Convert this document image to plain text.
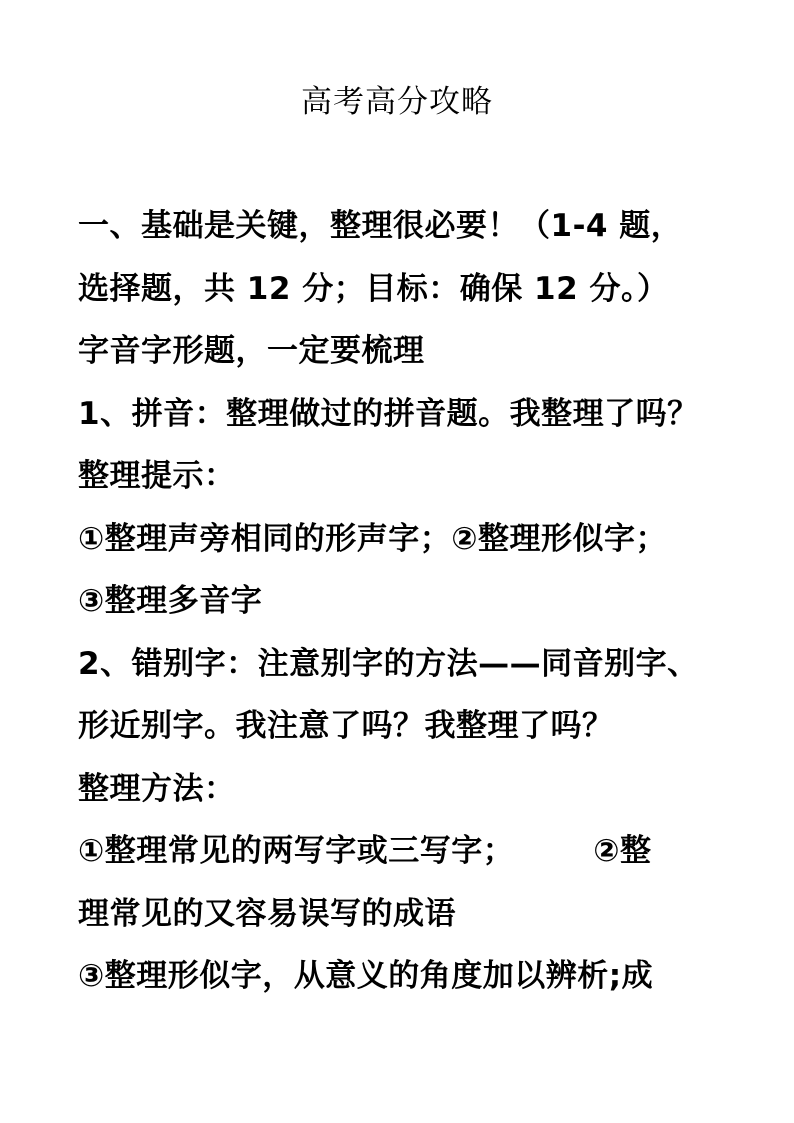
高考高分攻略
一、基础是关键，整理很必要！（1-4 题，
选择题，共 12 分；目标：确保 12 分。）
字音字形题，一定要梳理
1、拼音：整理做过的拼音题。我整理了吗？
整理提示：
①整理声旁相同的形声字；②整理形似字；
③整理多音字
2、错别字：注意别字的方法——同音别字、
形近别字。我注意了吗？我整理了吗？
整理方法：
①整理常见的两写字或三写字；　　　②整
理常见的又容易误写的成语
③整理形似字，从意义的角度加以辨析;成
